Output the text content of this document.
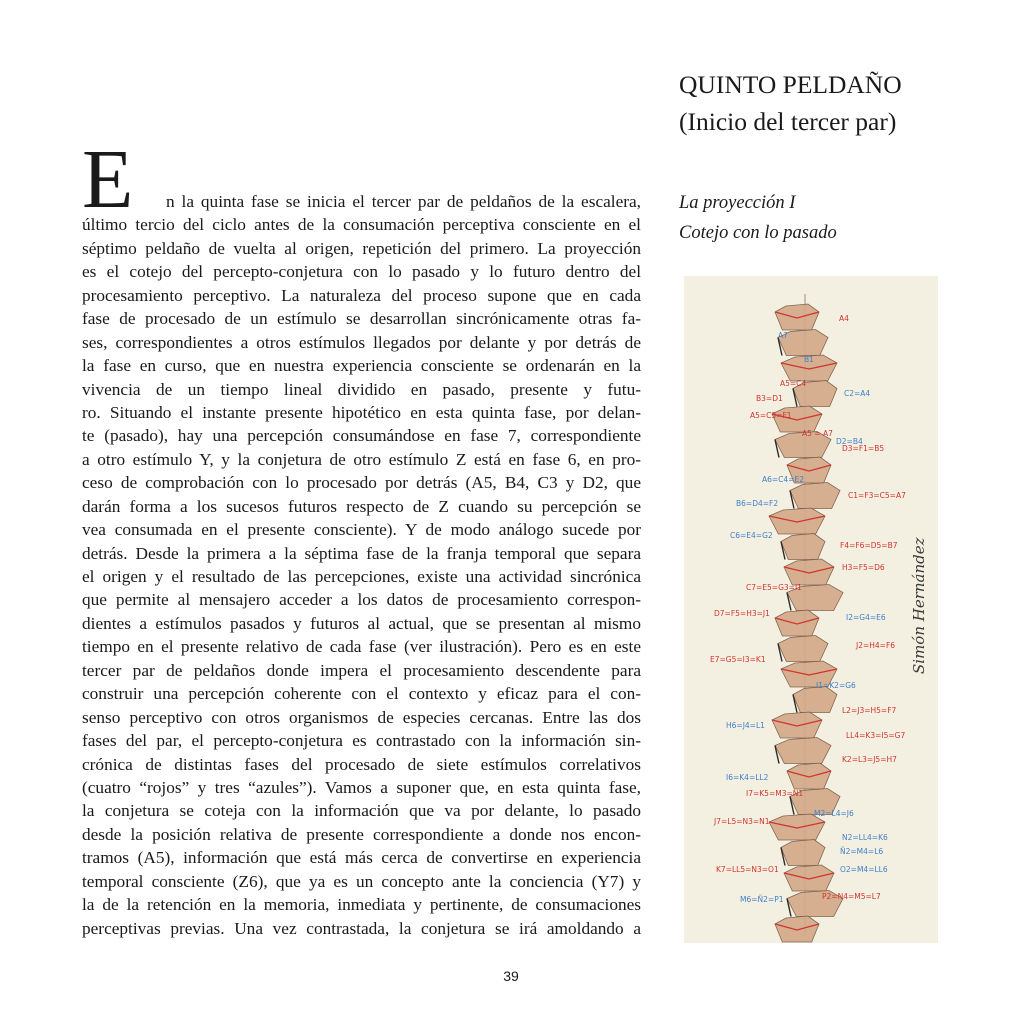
QUINTO PELDAÑO
(Inicio del tercer par)
La proyección I
Cotejo con lo pasado
E	n la quinta fase se inicia el tercer par de peldaños de la escalera,
último tercio del ciclo antes de la consumación perceptiva consciente en el
séptimo peldaño de vuelta al origen, repetición del primero. La proyección
es el cotejo del percepto-conjetura con lo pasado y lo futuro dentro del
procesamiento perceptivo. La naturaleza del proceso supone que en cada
fase de procesado de un estímulo se desarrollan sincrónicamente otras fa-
ses, correspondientes a otros estímulos llegados por delante y por detrás de
la fase en curso, que en nuestra experiencia consciente se ordenarán en la
vivencia de un tiempo lineal dividido en pasado, presente y futu-
ro. Situando el instante presente hipotético en esta quinta fase, por delan-
te (pasado), hay una percepción consumándose en fase 7, correspondiente
a otro estímulo Y, y la conjetura de otro estímulo Z está en fase 6, en pro-
ceso de comprobación con lo procesado por detrás (A5, B4, C3 y D2, que
darán forma a los sucesos futuros respecto de Z cuando su percepción se
vea consumada en el presente consciente). Y de modo análogo sucede por
detrás. Desde la primera a la séptima fase de la franja temporal que separa
el origen y el resultado de las percepciones, existe una actividad sincrónica
que permite al mensajero acceder a los datos de procesamiento correspon-
dientes a estímulos pasados y futuros al actual, que se presentan al mismo
tiempo en el presente relativo de cada fase (ver ilustración). Pero es en este
tercer par de peldaños donde impera el procesamiento descendente para
construir una percepción coherente con el contexto y eficaz para el con-
senso perceptivo con otros organismos de especies cercanas. Entre las dos
fases del par, el percepto-conjetura es contrastado con la información sin-
crónica de distintas fases del procesado de siete estímulos correlativos
(cuatro “rojos” y tres “azules”). Vamos a suponer que, en esta quinta fase,
la conjetura se coteja con la información que va por delante, lo pasado
desde la posición relativa de presente correspondiente a donde nos encon-
tramos (A5), información que está más cerca de convertirse en experiencia
temporal consciente (Z6), que ya es un concepto ante la conciencia (Y7) y
la de la retención en la memoria, inmediata y pertinente, de consumaciones
perceptivas previas. Una vez contrastada, la conjetura se irá amoldando a
A4
A5=C4
B3=D1
A5=C3=F1
A5 = A7
D3=F1=B5
C1=F3=C5=A7
F4=F6=D5=B7
H3=F5=D6
C7=E5=G3=I1
D7=F5=H3=J1
J2=H4=F6
E7=G5=I3=K1
L2=J3=H5=F7
LL4=K3=I5=G7
K2=L3=J5=H7
I7=K5=M3=N1
J7=L5=N3=N1
K7=LL5=N3=O1
P2=N4=M5=L7
A7
B1
C2=A4
D2=B4
A6=C4=E2
B6=D4=F2
C6=E4=G2
I2=G4=E6
I1=K2=G6
H6=J4=L1
I6=K4=LL2
M2=L4=J6
N2=LL4=K6
Ñ2=M4=L6
O2=M4=LL6
M6=Ñ2=P1
Simón Hernández
39
